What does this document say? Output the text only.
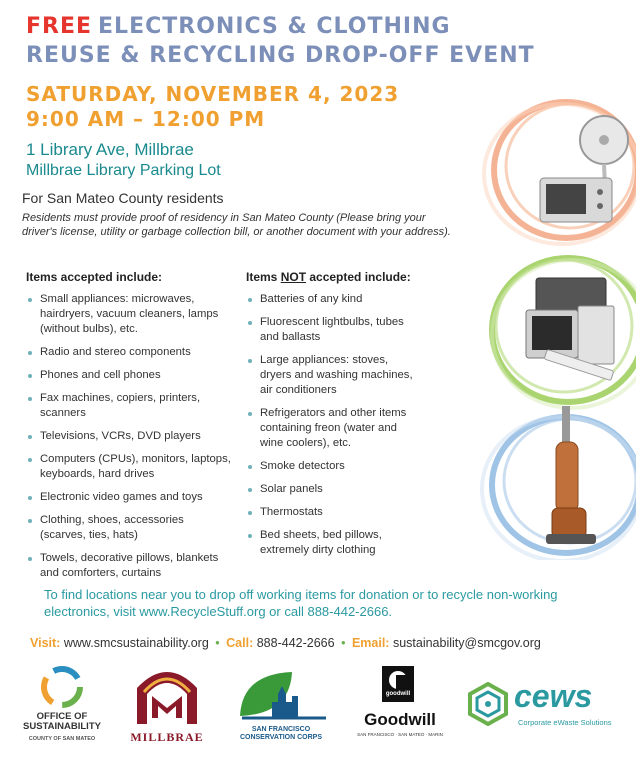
FREE ELECTRONICS & CLOTHING
REUSE & RECYCLING DROP-OFF EVENT
SATURDAY, NOVEMBER 4, 2023
9:00 AM – 12:00 PM
1 Library Ave, Millbrae
Millbrae Library Parking Lot
For San Mateo County residents
Residents must provide proof of residency in San Mateo County (Please bring your driver's license, utility or garbage collection bill, or another document with your address).
Items accepted include:
Small appliances: microwaves, hairdryers, vacuum cleaners, lamps (without bulbs), etc.
Radio and stereo components
Phones and cell phones
Fax machines, copiers, printers, scanners
Televisions, VCRs, DVD players
Computers (CPUs), monitors, laptops, keyboards, hard drives
Electronic video games and toys
Clothing, shoes, accessories (scarves, ties, hats)
Towels, decorative pillows, blankets and comforters, curtains
Items NOT accepted include:
Batteries of any kind
Fluorescent lightbulbs, tubes and ballasts
Large appliances: stoves, dryers and washing machines, air conditioners
Refrigerators and other items containing freon (water and wine coolers), etc.
Smoke detectors
Solar panels
Thermostats
Bed sheets, bed pillows, extremely dirty clothing
To find locations near you to drop off working items for donation or to recycle non-working electronics, visit www.RecycleStuff.org or call 888-442-2666.
Visit: www.smcsustainability.org • Call: 888-442-2666 • Email: sustainability@smcgov.org
OFFICE OF
SUSTAINABILITY
COUNTY OF SAN MATEO	MILLBRAE
SAN FRANCISCO
CONSERVATION CORPS
goodwill
Goodwill
SAN FRANCISCO · SAN MATEO · MARIN
cews
Corporate eWaste Solutions
